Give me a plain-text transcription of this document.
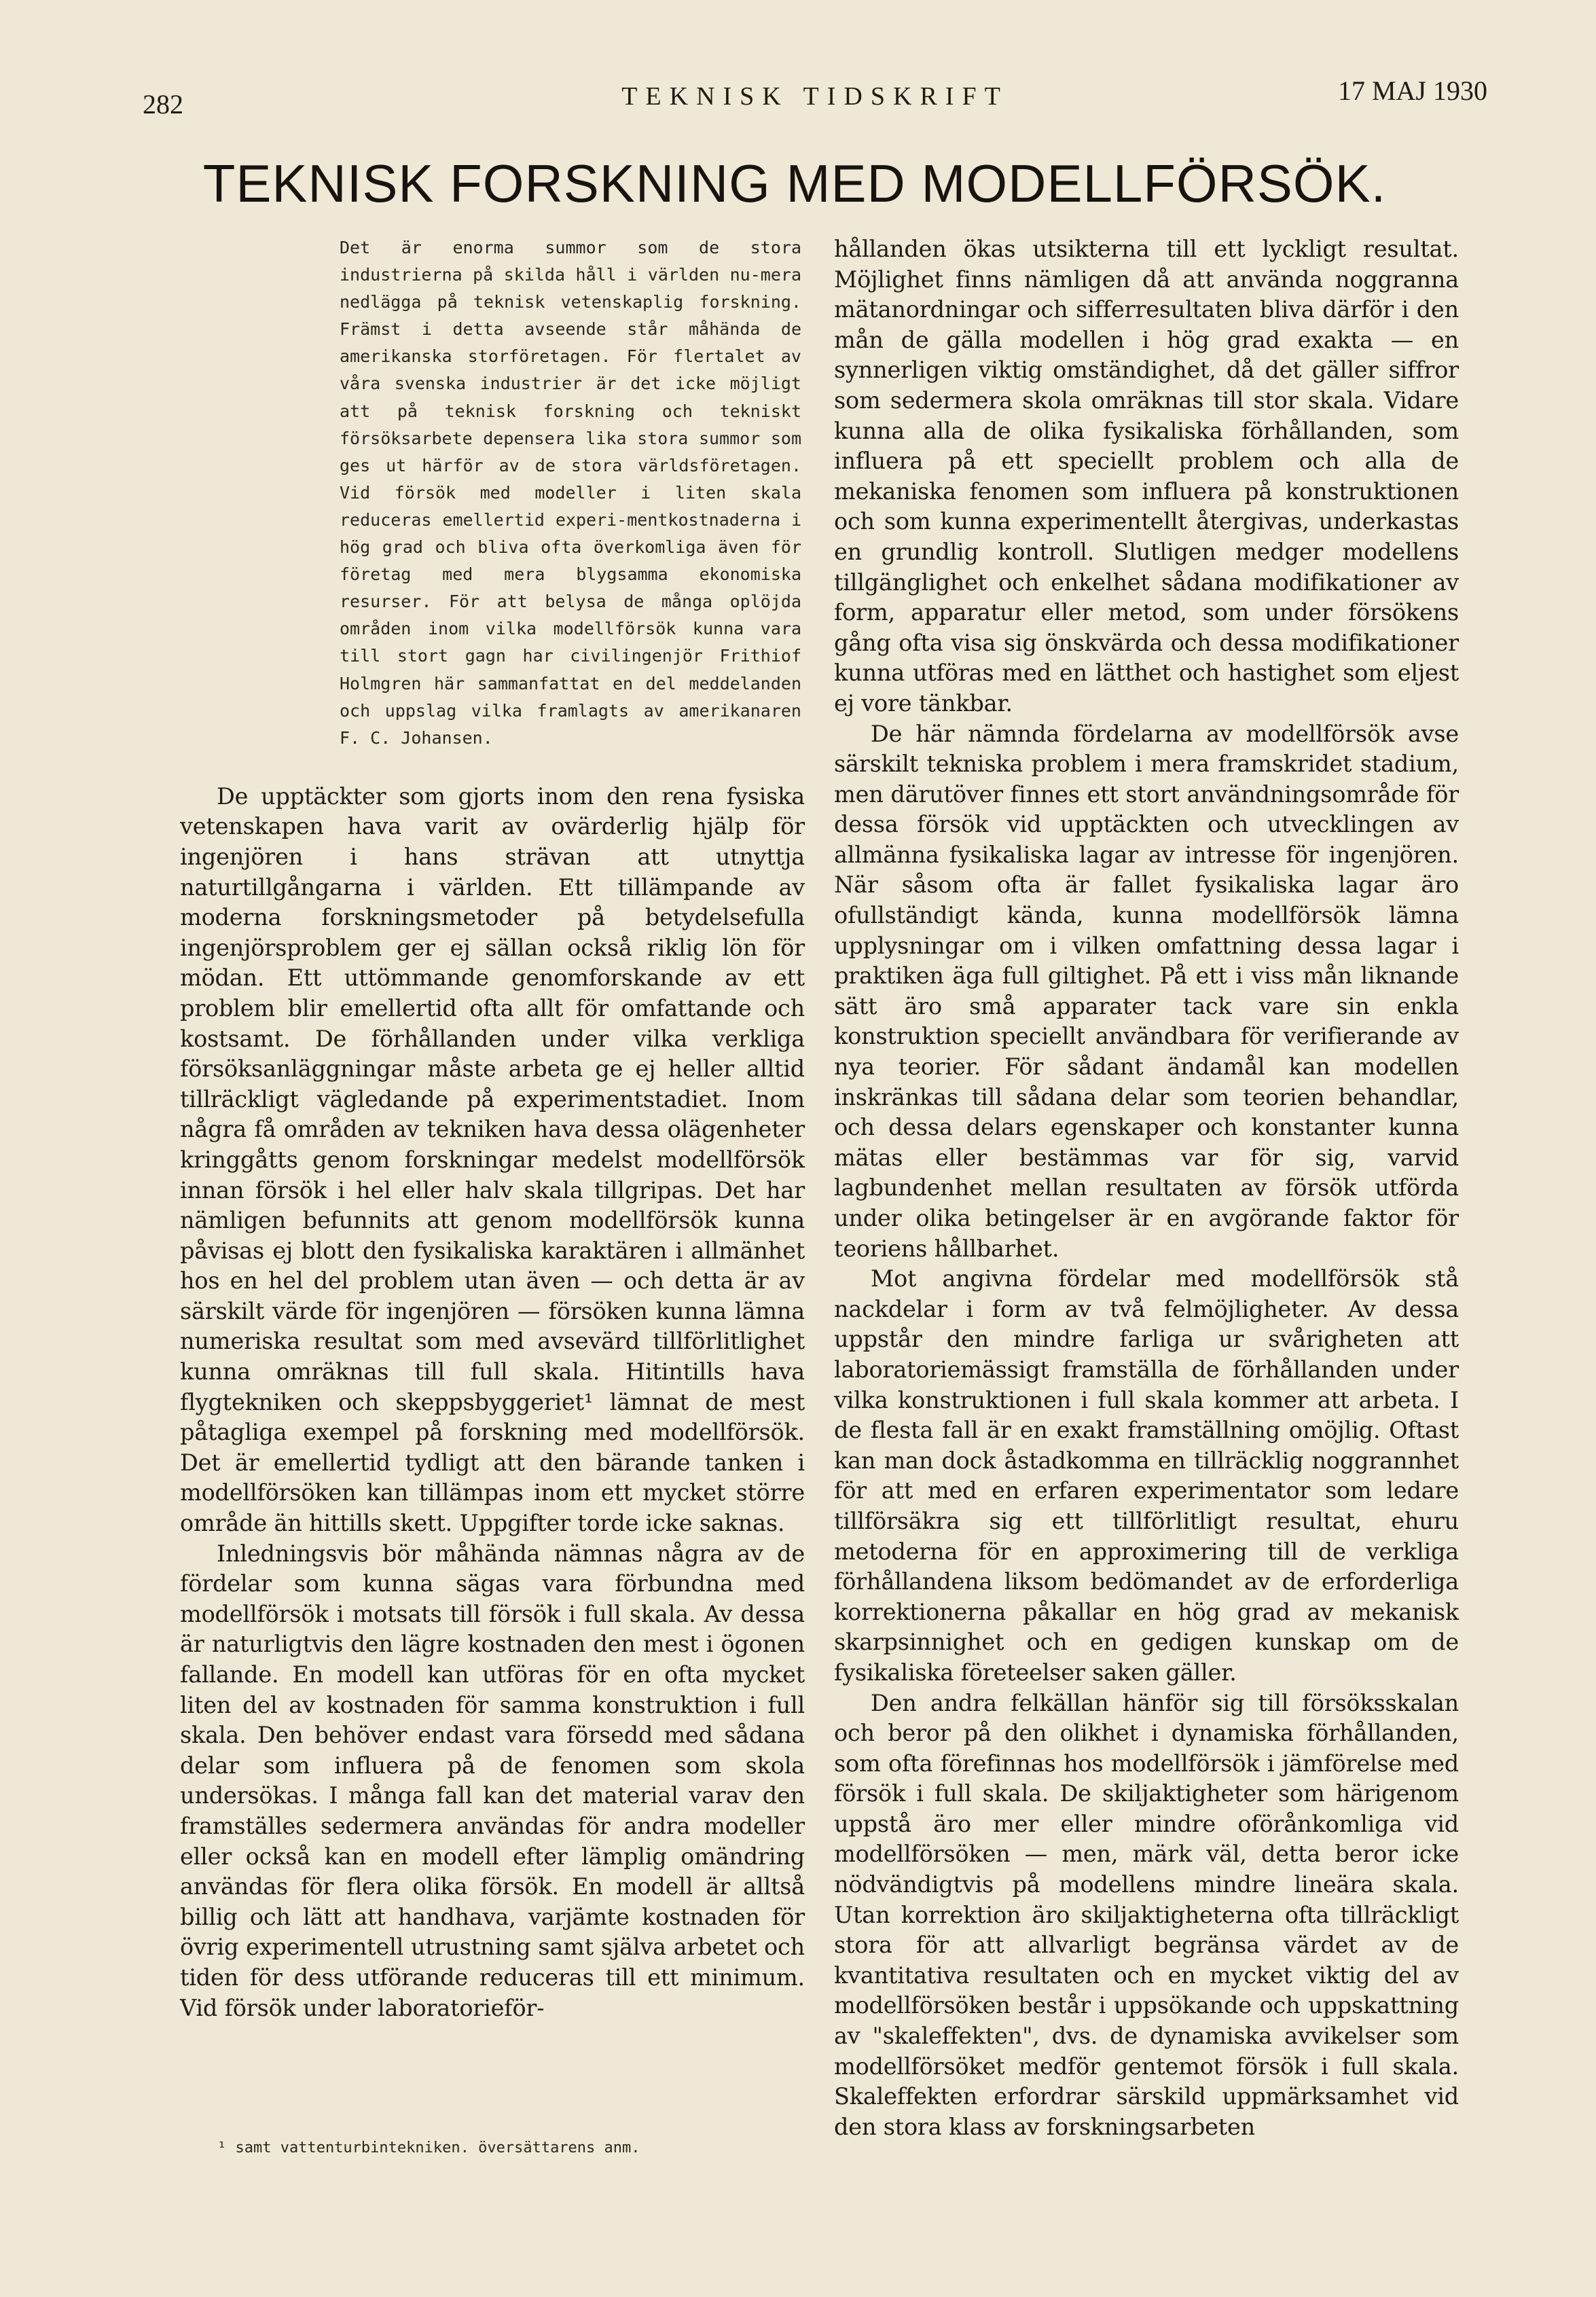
282	TEKNISK TIDSKRIFT	17 MAJ 1930
TEKNISK FORSKNING MED MODELLFÖRSÖK.
Det är enorma summor som de stora industrierna på skilda håll i världen nu-mera nedlägga på teknisk vetenskaplig forskning. Främst i detta avseende står måhända de amerikanska storföretagen. För flertalet av våra svenska industrier är det icke möjligt att på teknisk forskning och tekniskt försöksarbete depensera lika stora summor som ges ut härför av de stora världsföretagen. Vid försök med modeller i liten skala reduceras emellertid experi-mentkostnaderna i hög grad och bliva ofta överkomliga även för företag med mera blygsamma ekonomiska resurser. För att belysa de många oplöjda områden inom vilka modellförsök kunna vara till stort gagn har civilingenjör Frithiof Holmgren här sammanfattat en del meddelanden och uppslag vilka framlagts av amerikanaren F. C. Johansen.

De upptäckter som gjorts inom den rena fysiska vetenskapen hava varit av ovärderlig hjälp för ingenjören i hans strävan att utnyttja naturtillgångarna i världen. Ett tillämpande av moderna forskningsmetoder på betydelsefulla ingenjörsproblem ger ej sällan också riklig lön för mödan. Ett uttömmande genomforskande av ett problem blir emellertid ofta allt för omfattande och kostsamt. De förhållanden under vilka verkliga försöksanläggningar måste arbeta ge ej heller alltid tillräckligt vägledande på experimentstadiet. Inom några få områden av tekniken hava dessa olägenheter kringgåtts genom forskningar medelst modellförsök innan försök i hel eller halv skala tillgripas. Det har nämligen befunnits att genom modellförsök kunna påvisas ej blott den fysikaliska karaktären i allmänhet hos en hel del problem utan även — och detta är av särskilt värde för ingenjören — försöken kunna lämna numeriska resultat som med avsevärd tillförlitlighet kunna omräknas till full skala. Hitintills hava flygtekniken och skeppsbyggeriet¹ lämnat de mest påtagliga exempel på forskning med modellförsök. Det är emellertid tydligt att den bärande tanken i modellförsöken kan tillämpas inom ett mycket större område än hittills skett. Uppgifter torde icke saknas.

Inledningsvis bör måhända nämnas några av de fördelar som kunna sägas vara förbundna med modellförsök i motsats till försök i full skala. Av dessa är naturligtvis den lägre kostnaden den mest i ögonen fallande. En modell kan utföras för en ofta mycket liten del av kostnaden för samma konstruktion i full skala. Den behöver endast vara försedd med sådana delar som influera på de fenomen som skola undersökas. I många fall kan det material varav den framställes sedermera användas för andra modeller eller också kan en modell efter lämplig omändring användas för flera olika försök. En modell är alltså billig och lätt att handhava, varjämte kostnaden för övrig experimentell utrustning samt själva arbetet och tiden för dess utförande reduceras till ett minimum. Vid försök under laboratorieför-

hållanden ökas utsikterna till ett lyckligt resultat. Möjlighet finns nämligen då att använda noggranna mätanordningar och sifferresultaten bliva därför i den mån de gälla modellen i hög grad exakta — en synnerligen viktig omständighet, då det gäller siffror som sedermera skola omräknas till stor skala. Vidare kunna alla de olika fysikaliska förhållanden, som influera på ett speciellt problem och alla de mekaniska fenomen som influera på konstruktionen och som kunna experimentellt återgivas, underkastas en grundlig kontroll. Slutligen medger modellens tillgänglighet och enkelhet sådana modifikationer av form, apparatur eller metod, som under försökens gång ofta visa sig önskvärda och dessa modifikationer kunna utföras med en lätthet och hastighet som eljest ej vore tänkbar.

De här nämnda fördelarna av modellförsök avse särskilt tekniska problem i mera framskridet stadium, men därutöver finnes ett stort användningsområde för dessa försök vid upptäckten och utvecklingen av allmänna fysikaliska lagar av intresse för ingenjören. När såsom ofta är fallet fysikaliska lagar äro ofullständigt kända, kunna modellförsök lämna upplysningar om i vilken omfattning dessa lagar i praktiken äga full giltighet. På ett i viss mån liknande sätt äro små apparater tack vare sin enkla konstruktion speciellt användbara för verifierande av nya teorier. För sådant ändamål kan modellen inskränkas till sådana delar som teorien behandlar, och dessa delars egenskaper och konstanter kunna mätas eller bestämmas var för sig, varvid lagbundenhet mellan resultaten av försök utförda under olika betingelser är en avgörande faktor för teoriens hållbarhet.

Mot angivna fördelar med modellförsök stå nackdelar i form av två felmöjligheter. Av dessa uppstår den mindre farliga ur svårigheten att laboratoriemässigt framställa de förhållanden under vilka konstruktionen i full skala kommer att arbeta. I de flesta fall är en exakt framställning omöjlig. Oftast kan man dock åstadkomma en tillräcklig noggrannhet för att med en erfaren experimentator som ledare tillförsäkra sig ett tillförlitligt resultat, ehuru metoderna för en approximering till de verkliga förhållandena liksom bedömandet av de erforderliga korrektionerna påkallar en hög grad av mekanisk skarpsinnighet och en gedigen kunskap om de fysikaliska företeelser saken gäller.

Den andra felkällan hänför sig till försöksskalan och beror på den olikhet i dynamiska förhållanden, som ofta förefinnas hos modellförsök i jämförelse med försök i full skala. De skiljaktigheter som härigenom uppstå äro mer eller mindre oförånkomliga vid modellförsöken — men, märk väl, detta beror icke nödvändigtvis på modellens mindre lineära skala. Utan korrektion äro skiljaktigheterna ofta tillräckligt stora för att allvarligt begränsa värdet av de kvantitativa resultaten och en mycket viktig del av modellförsöken består i uppsökande och uppskattning av "skaleffekten", dvs. de dynamiska avvikelser som modellförsöket medför gentemot försök i full skala. Skaleffekten erfordrar särskild uppmärksamhet vid den stora klass av forskningsarbeten

¹ samt vattenturbintekniken. översättarens anm.
